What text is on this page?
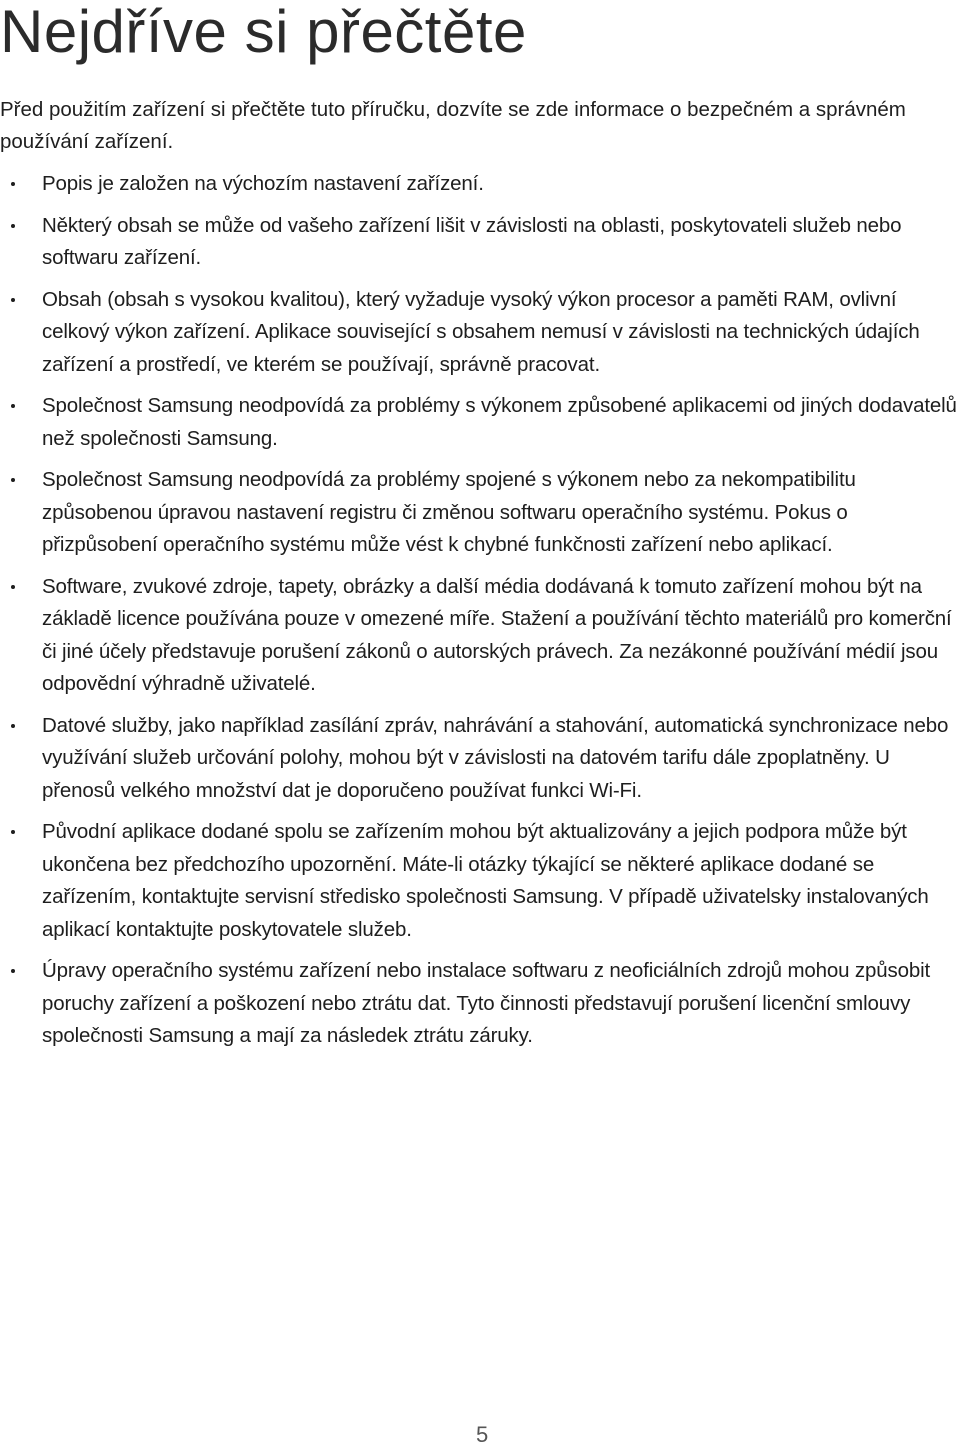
Nejdříve si přečtěte

Před použitím zařízení si přečtěte tuto příručku, dozvíte se zde informace o bezpečném a správném používání zařízení.

Popis je založen na výchozím nastavení zařízení.
Některý obsah se může od vašeho zařízení lišit v závislosti na oblasti, poskytovateli služeb nebo softwaru zařízení.
Obsah (obsah s vysokou kvalitou), který vyžaduje vysoký výkon procesor a paměti RAM, ovlivní celkový výkon zařízení. Aplikace související s obsahem nemusí v závislosti na technických údajích zařízení a prostředí, ve kterém se používají, správně pracovat.
Společnost Samsung neodpovídá za problémy s výkonem způsobené aplikacemi od jiných dodavatelů než společnosti Samsung.
Společnost Samsung neodpovídá za problémy spojené s výkonem nebo za nekompatibilitu způsobenou úpravou nastavení registru či změnou softwaru operačního systému. Pokus o přizpůsobení operačního systému může vést k chybné funkčnosti zařízení nebo aplikací.
Software, zvukové zdroje, tapety, obrázky a další média dodávaná k tomuto zařízení mohou být na základě licence používána pouze v omezené míře. Stažení a používání těchto materiálů pro komerční či jiné účely představuje porušení zákonů o autorských právech. Za nezákonné používání médií jsou odpovědní výhradně uživatelé.
Datové služby, jako například zasílání zpráv, nahrávání a stahování, automatická synchronizace nebo využívání služeb určování polohy, mohou být v závislosti na datovém tarifu dále zpoplatněny. U přenosů velkého množství dat je doporučeno používat funkci Wi-Fi.
Původní aplikace dodané spolu se zařízením mohou být aktualizovány a jejich podpora může být ukončena bez předchozího upozornění. Máte-li otázky týkající se některé aplikace dodané se zařízením, kontaktujte servisní středisko společnosti Samsung. V případě uživatelsky instalovaných aplikací kontaktujte poskytovatele služeb.
Úpravy operačního systému zařízení nebo instalace softwaru z neoficiálních zdrojů mohou způsobit poruchy zařízení a poškození nebo ztrátu dat. Tyto činnosti představují porušení licenční smlouvy společnosti Samsung a mají za následek ztrátu záruky.
5
